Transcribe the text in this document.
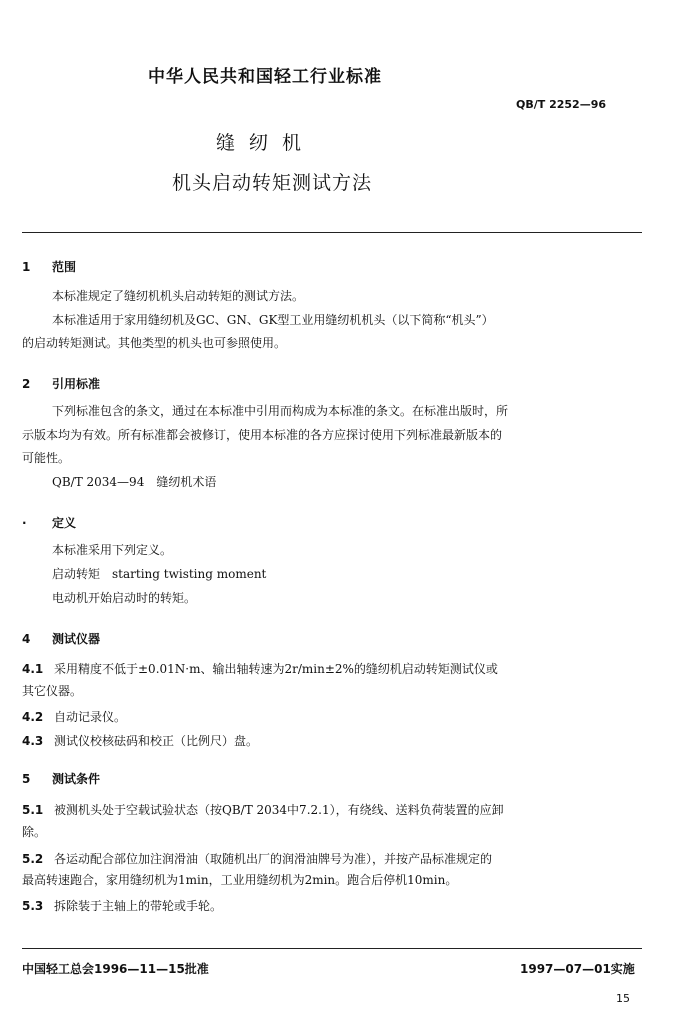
中华人民共和国轻工行业标准
QB/T 2252—96
缝纫机
机头启动转矩测试方法
1 范围
本标准规定了缝纫机机头启动转矩的测试方法。
本标准适用于家用缝纫机及GC、GN、GK型工业用缝纫机机头（以下简称“机头”）
的启动转矩测试。其他类型的机头也可参照使用。
2 引用标准
下列标准包含的条文，通过在本标准中引用而构成为本标准的条文。在标准出版时，所
示版本均为有效。所有标准都会被修订，使用本标准的各方应探讨使用下列标准最新版本的
可能性。
QB/T 2034—94　缝纫机术语
· 定义
本标准采用下列定义。
启动转矩　starting twisting moment
电动机开始启动时的转矩。
4 测试仪器
4.1 采用精度不低于±0.01N·m、输出轴转速为2r/min±2%的缝纫机启动转矩测试仪或
其它仪器。
4.2 自动记录仪。
4.3 测试仪校核砝码和校正（比例尺）盘。
5 测试条件
5.1 被测机头处于空载试验状态（按QB/T 2034中7.2.1），有绕线、送料负荷装置的应卸
除。
5.2 各运动配合部位加注润滑油（取随机出厂的润滑油牌号为准），并按产品标准规定的
最高转速跑合，家用缝纫机为1min，工业用缝纫机为2min。跑合后停机10min。
5.3 拆除装于主轴上的带轮或手轮。
中国轻工总会1996—11—15批准	1997—07—01实施
15
